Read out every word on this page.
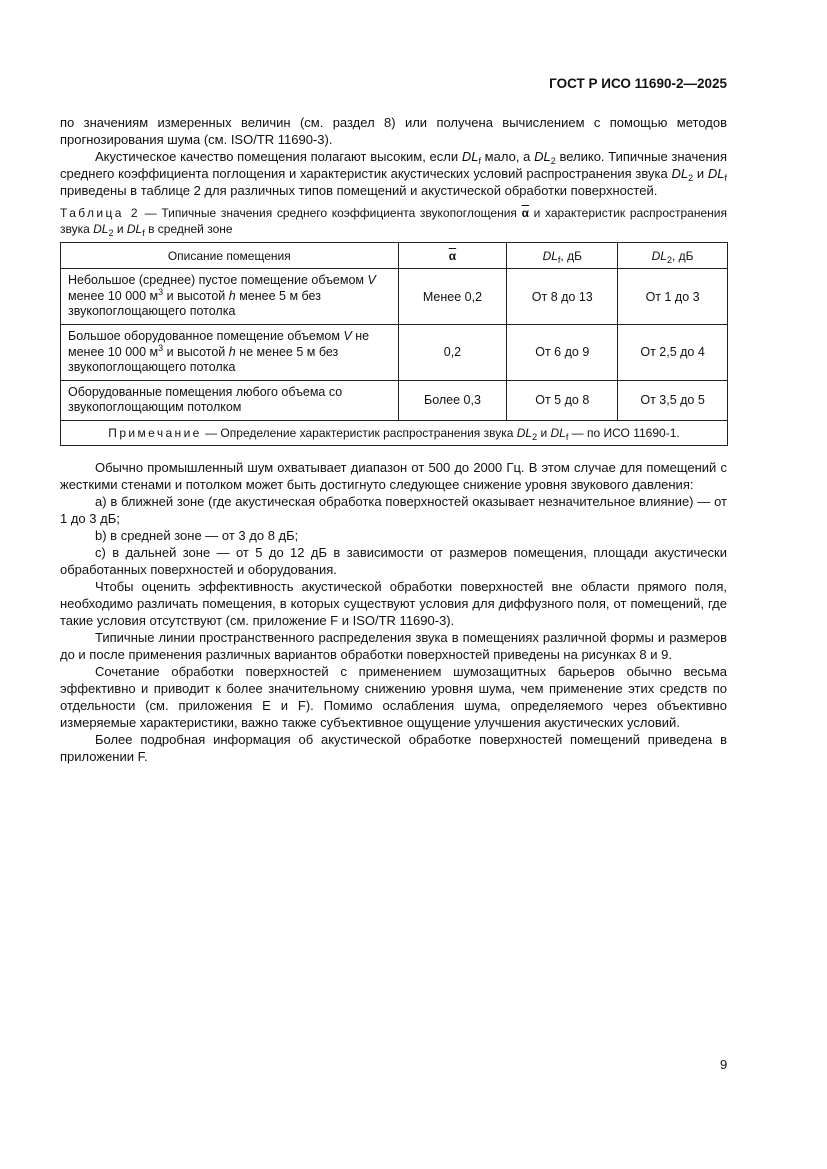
ГОСТ Р ИСО 11690-2—2025

по значениям измеренных величин (см. раздел 8) или получена вычислением с помощью методов прогнозирования шума (см. ISO/TR 11690-3).

Акустическое качество помещения полагают высоким, если $DL_f$ мало, а $DL_2$ велико. Типичные значения среднего коэффициента поглощения и характеристик акустических условий распространения звука $DL_2$ и $DL_f$ приведены в таблице 2 для различных типов помещений и акустической обработки поверхностей.

Таблица 2 — Типичные значения среднего коэффициента звукопоглощения $\overline{\alpha}$ и характеристик распространения звука $DL_2$ и $DL_f$ в средней зоне

Описание помещения	$\overline{\alpha}$	$DL_f$, дБ	$DL_2$, дБ
Небольшое (среднее) пустое помещение объемом V менее 10 000 $м^3$ и высотой h менее 5 м без звукопоглощающего потолка	Менее 0,2	От 8 до 13	От 1 до 3
Большое оборудованное помещение объемом V не менее 10 000 $м^3$ и высотой h не менее 5 м без звукопоглощающего потолка	0,2	От 6 до 9	От 2,5 до 4
Оборудованные помещения любого объема со звукопоглощающим потолком	Более 0,3	От 5 до 8	От 3,5 до 5
Примечание — Определение характеристик распространения звука $DL_2$ и $DL_f$ — по ИСО 11690-1.			

Обычно промышленный шум охватывает диапазон от 500 до 2000 Гц. В этом случае для помещений с жесткими стенами и потолком может быть достигнуто следующее снижение уровня звукового давления:

a) в ближней зоне (где акустическая обработка поверхностей оказывает незначительное влияние) — от 1 до 3 дБ;

b) в средней зоне — от 3 до 8 дБ;

c) в дальней зоне — от 5 до 12 дБ в зависимости от размеров помещения, площади акустически обработанных поверхностей и оборудования.

Чтобы оценить эффективность акустической обработки поверхностей вне области прямого поля, необходимо различать помещения, в которых существуют условия для диффузного поля, от помещений, где такие условия отсутствуют (см. приложение F и ISO/TR 11690-3).

Типичные линии пространственного распределения звука в помещениях различной формы и размеров до и после применения различных вариантов обработки поверхностей приведены на рисунках 8 и 9.

Сочетание обработки поверхностей с применением шумозащитных барьеров обычно весьма эффективно и приводит к более значительному снижению уровня шума, чем применение этих средств по отдельности (см. приложения E и F). Помимо ослабления шума, определяемого через объективно измеряемые характеристики, важно также субъективное ощущение улучшения акустических условий.

Более подробная информация об акустической обработке поверхностей помещений приведена в приложении F.

9
